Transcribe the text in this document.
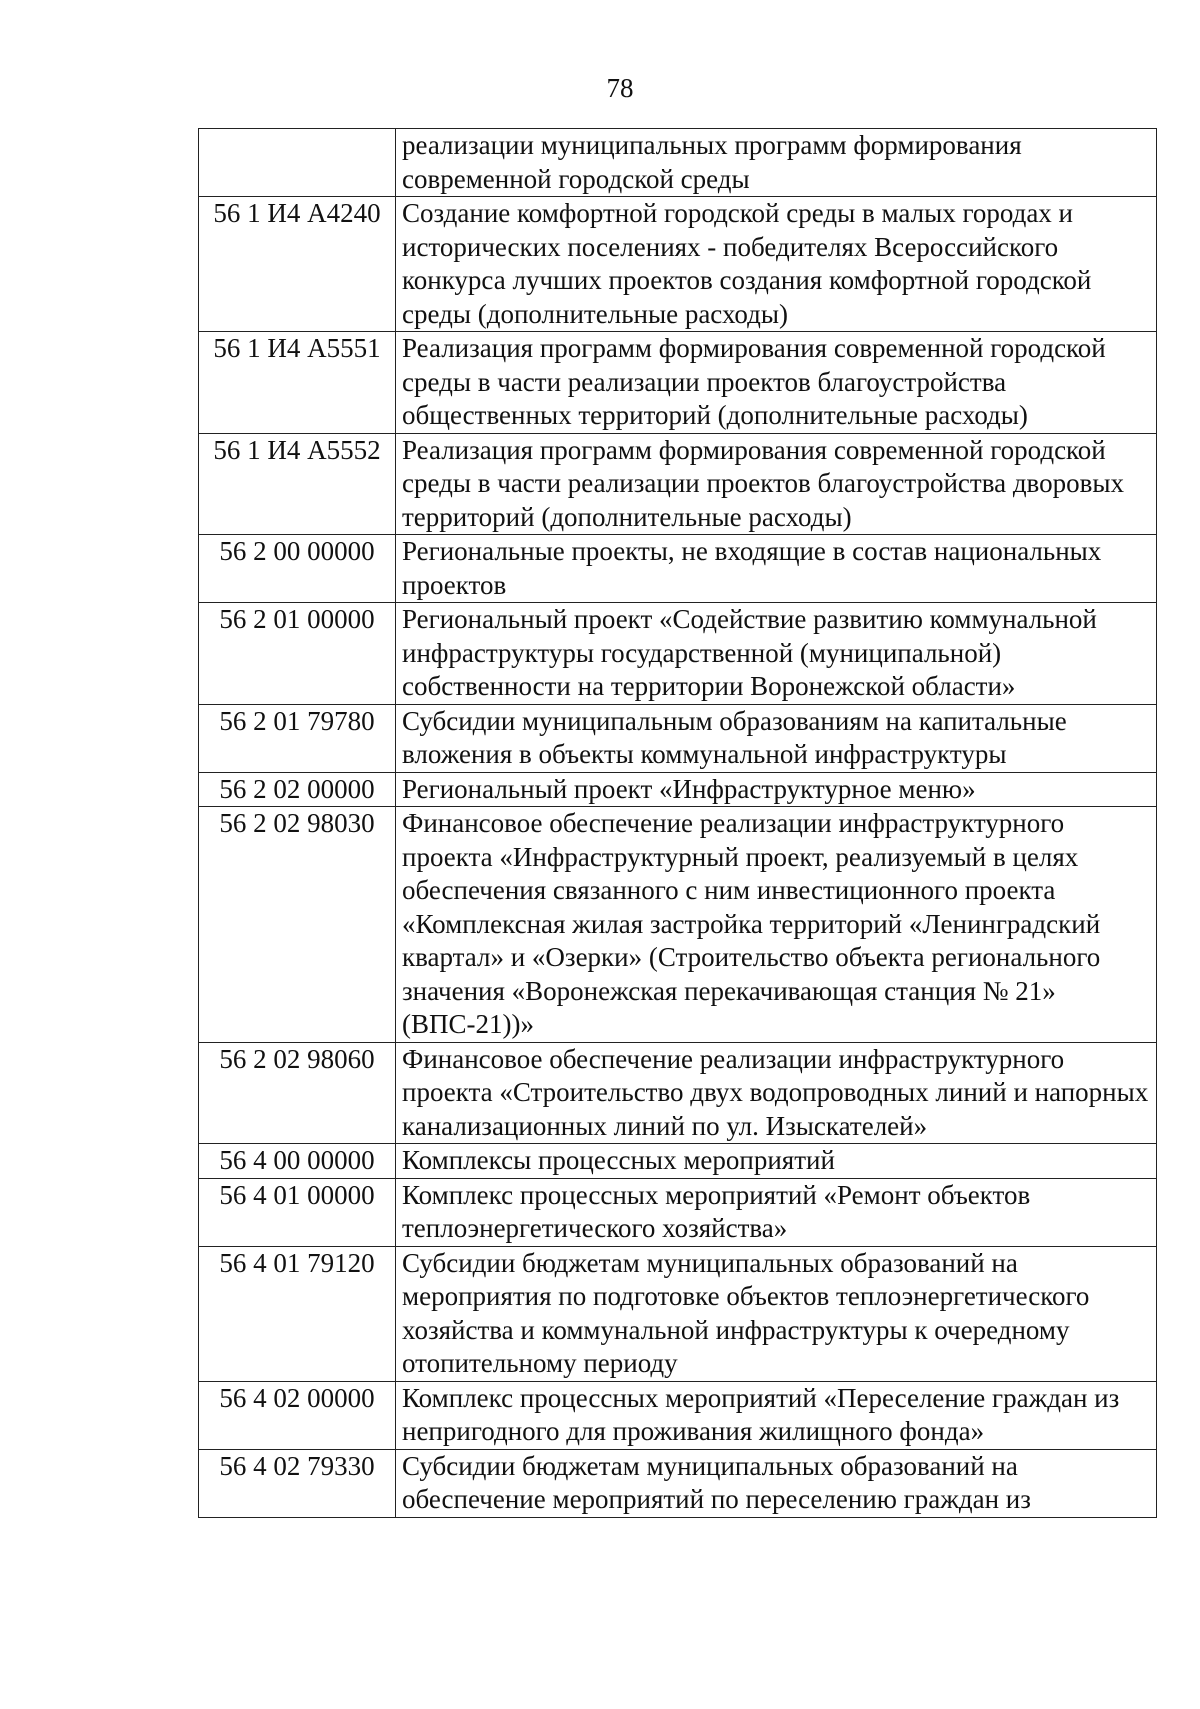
78
	реализации муниципальных программ формирования современной городской среды
56 1 И4 А4240	Создание комфортной городской среды в малых городах и исторических поселениях - победителях Всероссийского конкурса лучших проектов создания комфортной городской среды (дополнительные расходы)
56 1 И4 А5551	Реализация программ формирования современной городской среды в части реализации проектов благоустройства общественных территорий (дополнительные расходы)
56 1 И4 А5552	Реализация программ формирования современной городской среды в части реализации проектов благоустройства дворовых территорий (дополнительные расходы)
56 2 00 00000	Региональные проекты, не входящие в состав национальных проектов
56 2 01 00000	Региональный проект «Содействие развитию коммунальной инфраструктуры государственной (муниципальной) собственности на территории Воронежской области»
56 2 01 79780	Субсидии муниципальным образованиям на капитальные вложения в объекты коммунальной инфраструктуры
56 2 02 00000	Региональный проект «Инфраструктурное меню»
56 2 02 98030	Финансовое обеспечение реализации инфраструктурного проекта «Инфраструктурный проект, реализуемый в целях обеспечения связанного с ним инвестиционного проекта «Комплексная жилая застройка территорий «Ленинградский квартал» и «Озерки» (Строительство объекта регионального значения «Воронежская перекачивающая станция № 21» (ВПС-21))»
56 2 02 98060	Финансовое обеспечение реализации инфраструктурного проекта «Строительство двух водопроводных линий и напорных канализационных линий по ул. Изыскателей»
56 4 00 00000	Комплексы процессных мероприятий
56 4 01 00000	Комплекс процессных мероприятий «Ремонт объектов теплоэнергетического хозяйства»
56 4 01 79120	Субсидии бюджетам муниципальных образований на мероприятия по подготовке объектов теплоэнергетического хозяйства и коммунальной инфраструктуры к очередному отопительному периоду
56 4 02 00000	Комплекс процессных мероприятий «Переселение граждан из непригодного для проживания жилищного фонда»
56 4 02 79330	Субсидии бюджетам муниципальных образований на обеспечение мероприятий по переселению граждан из
